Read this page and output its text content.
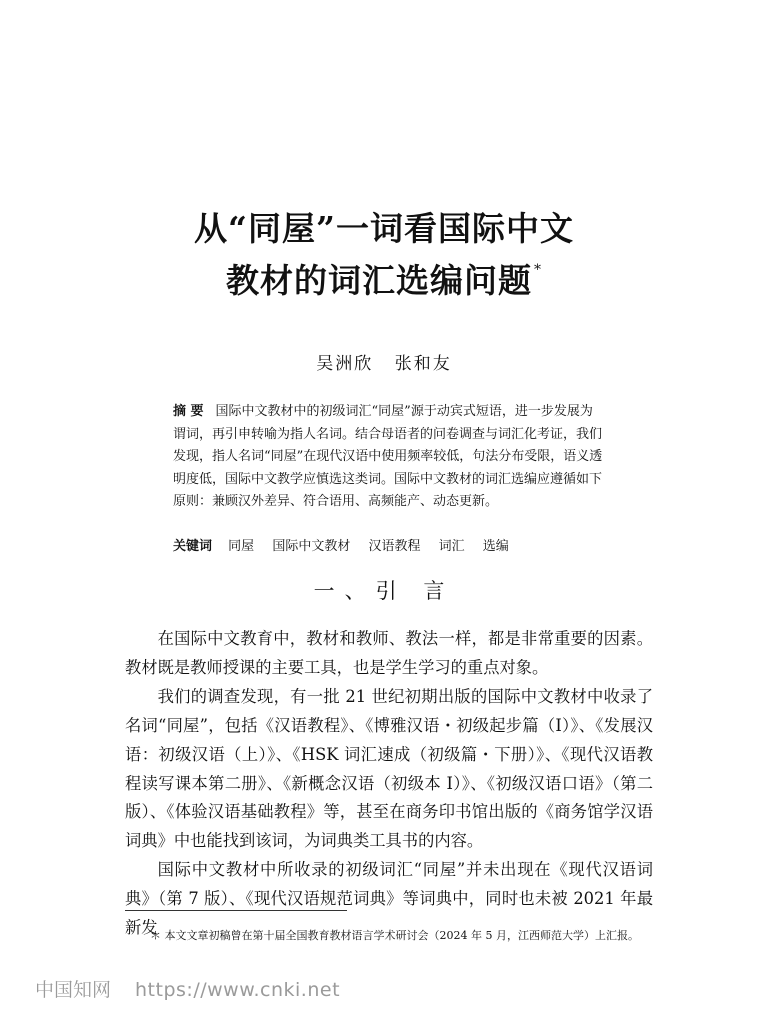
从“同屋”一词看国际中文
教材的词汇选编问题 *
吴洲欣 张和友
摘 要 国际中文教材中的初级词汇“同屋”源于动宾式短语，进一步发展为谓词，再引申转喻为指人名词。结合母语者的问卷调查与词汇化考证，我们发现，指人名词“同屋”在现代汉语中使用频率较低，句法分布受限，语义透明度低，国际中文教学应慎选这类词。国际中文教材的词汇选编应遵循如下原则：兼顾汉外差异、符合语用、高频能产、动态更新。
关键词 同屋 国际中文教材 汉语教程 词汇 选编
一、引 言

在国际中文教育中，教材和教师、教法一样，都是非常重要的因素。教材既是教师授课的主要工具，也是学生学习的重点对象。

我们的调查发现，有一批 21 世纪初期出版的国际中文教材中收录了名词“同屋”，包括《汉语教程》、《博雅汉语・初级起步篇（Ⅰ）》、《发展汉语：初级汉语（上）》、《HSK 词汇速成（初级篇・下册）》、《现代汉语教程读写课本第二册》、《新概念汉语（初级本 I）》、《初级汉语口语》（第二版）、《体验汉语基础教程》等，甚至在商务印书馆出版的《商务馆学汉语词典》中也能找到该词，为词典类工具书的内容。

国际中文教材中所收录的初级词汇“同屋”并未出现在《现代汉语词典》（第 7 版）、《现代汉语规范词典》等词典中，同时也未被 2021 年最新发

＊ 本文文章初稿曾在第十届全国教育教材语言学术研讨会（2024 年 5 月，江西师范大学）上汇报。
中国知网 https://www.cnki.net
